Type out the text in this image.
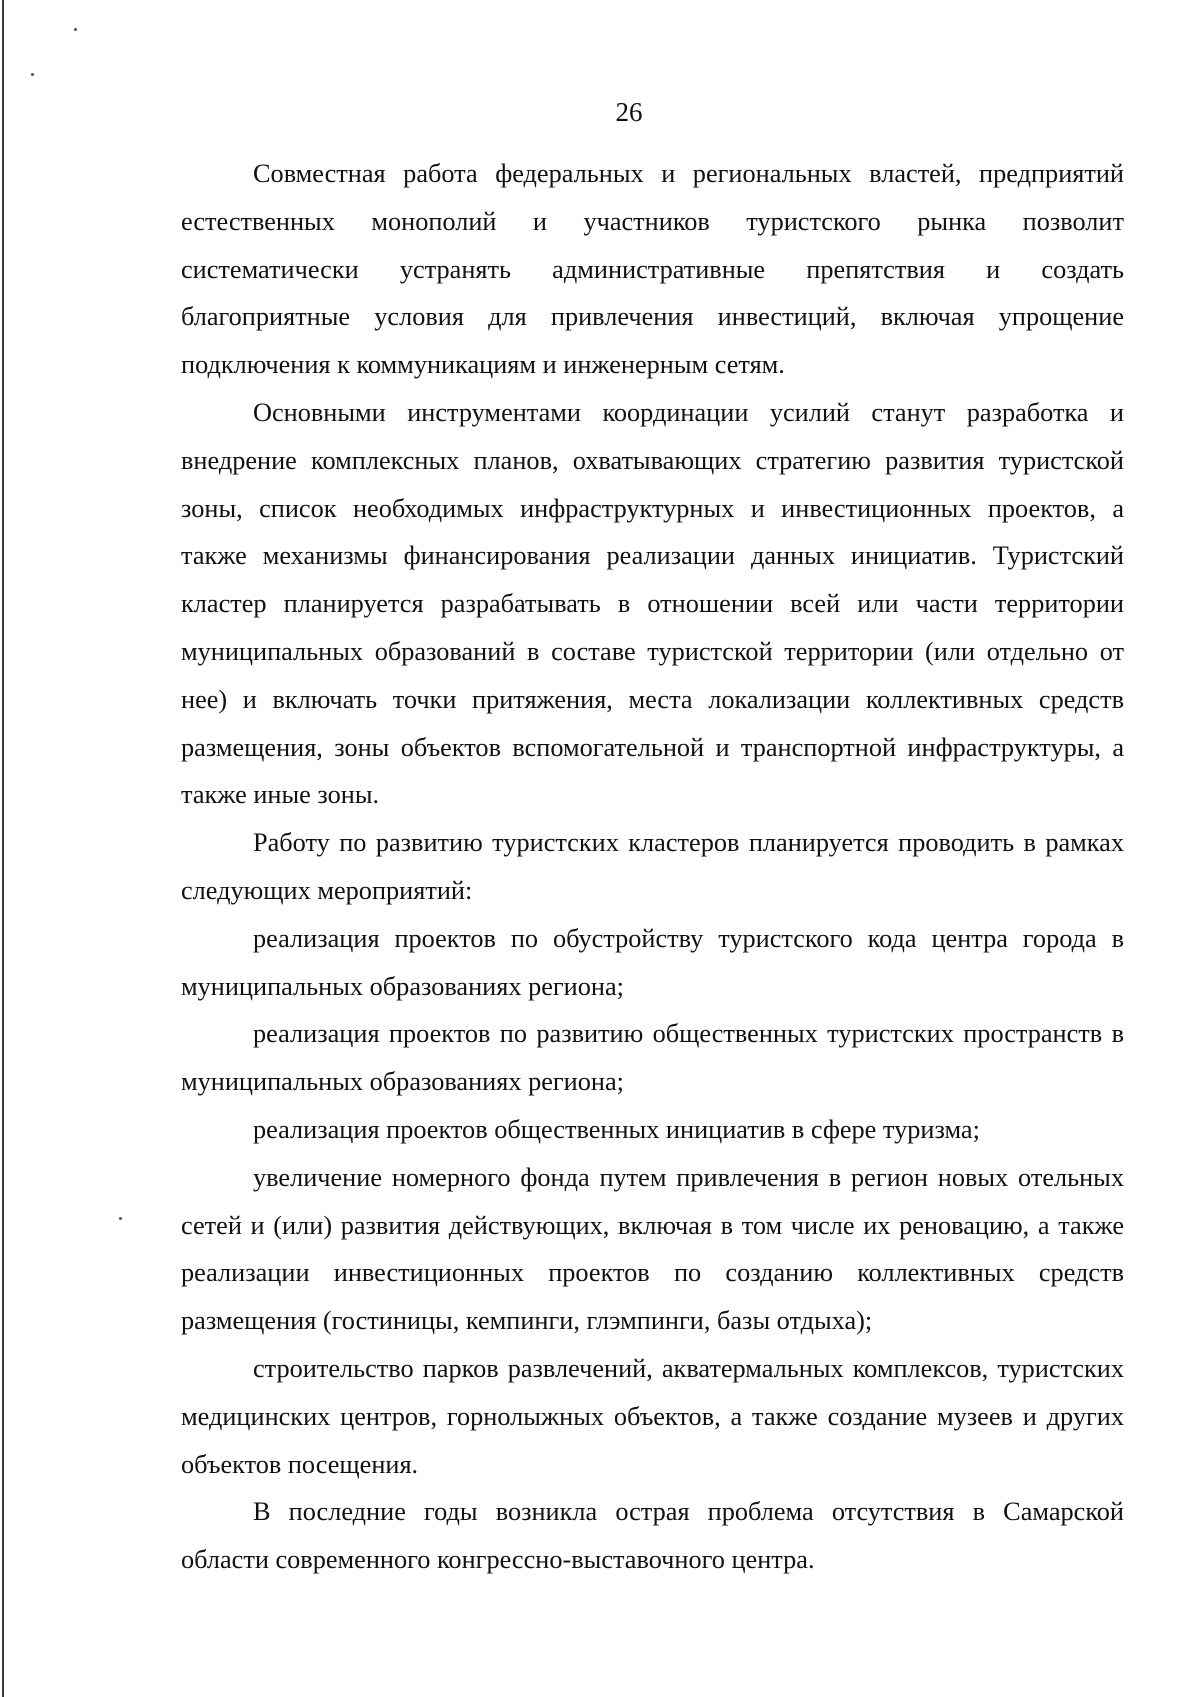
26

Совместная работа федеральных и региональных властей, предприятий естественных монополий и участников туристского рынка позволит систематически устранять административные препятствия и создать благоприятные условия для привлечения инвестиций, включая упрощение подключения к коммуникациям и инженерным сетям.

Основными инструментами координации усилий станут разработка и внедрение комплексных планов, охватывающих стратегию развития туристской зоны, список необходимых инфраструктурных и инвестиционных проектов, а также механизмы финансирования реализации данных инициатив. Туристский кластер планируется разрабатывать в отношении всей или части территории муниципальных образований в составе туристской территории (или отдельно от нее) и включать точки притяжения, места локализации коллективных средств размещения, зоны объектов вспомогательной и транспортной инфраструктуры, а также иные зоны.

Работу по развитию туристских кластеров планируется проводить в рамках следующих мероприятий:

реализация проектов по обустройству туристского кода центра города в муниципальных образованиях региона;

реализация проектов по развитию общественных туристских пространств в муниципальных образованиях региона;

реализация проектов общественных инициатив в сфере туризма;

увеличение номерного фонда путем привлечения в регион новых отельных сетей и (или) развития действующих, включая в том числе их реновацию, а также реализации инвестиционных проектов по созданию коллективных средств размещения (гостиницы, кемпинги, глэмпинги, базы отдыха);

строительство парков развлечений, акватермальных комплексов, туристских медицинских центров, горнолыжных объектов, а также создание музеев и других объектов посещения.

В последние годы возникла острая проблема отсутствия в Самарской области современного конгрессно-выставочного центра.
